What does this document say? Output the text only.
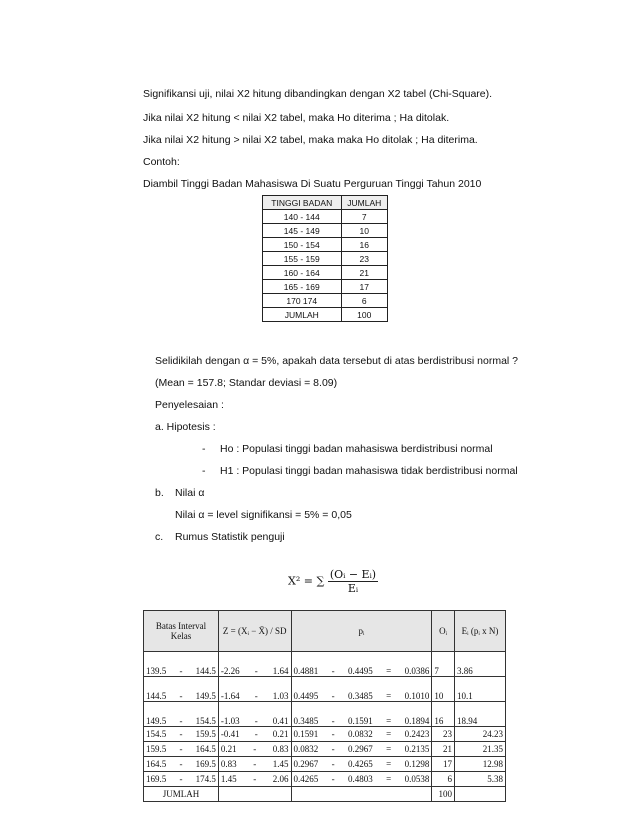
Signifikansi uji, nilai X2 hitung dibandingkan dengan X2 tabel (Chi-Square).
Jika nilai X2 hitung < nilai X2 tabel, maka Ho diterima ; Ha ditolak.
Jika nilai X2 hitung > nilai X2 tabel, maka maka Ho ditolak ; Ha diterima.
Contoh:
Diambil Tinggi Badan Mahasiswa Di Suatu Perguruan Tinggi Tahun 2010
TINGGI BADAN	JUMLAH
140 - 144	7
145 - 149	10
150 - 154	16
155 - 159	23
160 - 164	21
165 - 169	17
170 174	6
JUMLAH	100
Selidikilah dengan α = 5%, apakah data tersebut di atas berdistribusi normal ?
(Mean = 157.8; Standar deviasi = 8.09)
Penyelesaian :
a. Hipotesis :
- Ho : Populasi tinggi badan mahasiswa berdistribusi normal
- H1 : Populasi tinggi badan mahasiswa tidak berdistribusi normal
b. Nilai α
Nilai α = level signifikansi = 5% = 0,05
c. Rumus Statistik penguji
X² = ∑ $\frac{\text{(Oᵢ − Eᵢ)}}{\text{Eᵢ}}$
Batas Interval Kelas	Z = (Xᵢ − X̄) / SD	pᵢ	Oᵢ	Eᵢ (pᵢ x N)

139.5 - 144.5	-2.26 - 1.64	0.4881 - 0.4495 = 0.0386	7	3.86

144.5 - 149.5	-1.64 - 1.03	0.4495 - 0.3485 = 0.1010	10	10.1

149.5 - 154.5	-1.03 - 0.41	0.3485 - 0.1591 = 0.1894	16	18.94

154.5 - 159.5	-0.41 - 0.21	0.1591 - 0.0832 = 0.2423	23	24.23

159.5 - 164.5	0.21 - 0.83	0.0832 - 0.2967 = 0.2135	21	21.35

164.5 - 169.5	0.83 - 1.45	0.2967 - 0.4265 = 0.1298	17	12.98

169.5 - 174.5	1.45 - 2.06	0.4265 - 0.4803 = 0.0538	6	5.38
JUMLAH			100	
